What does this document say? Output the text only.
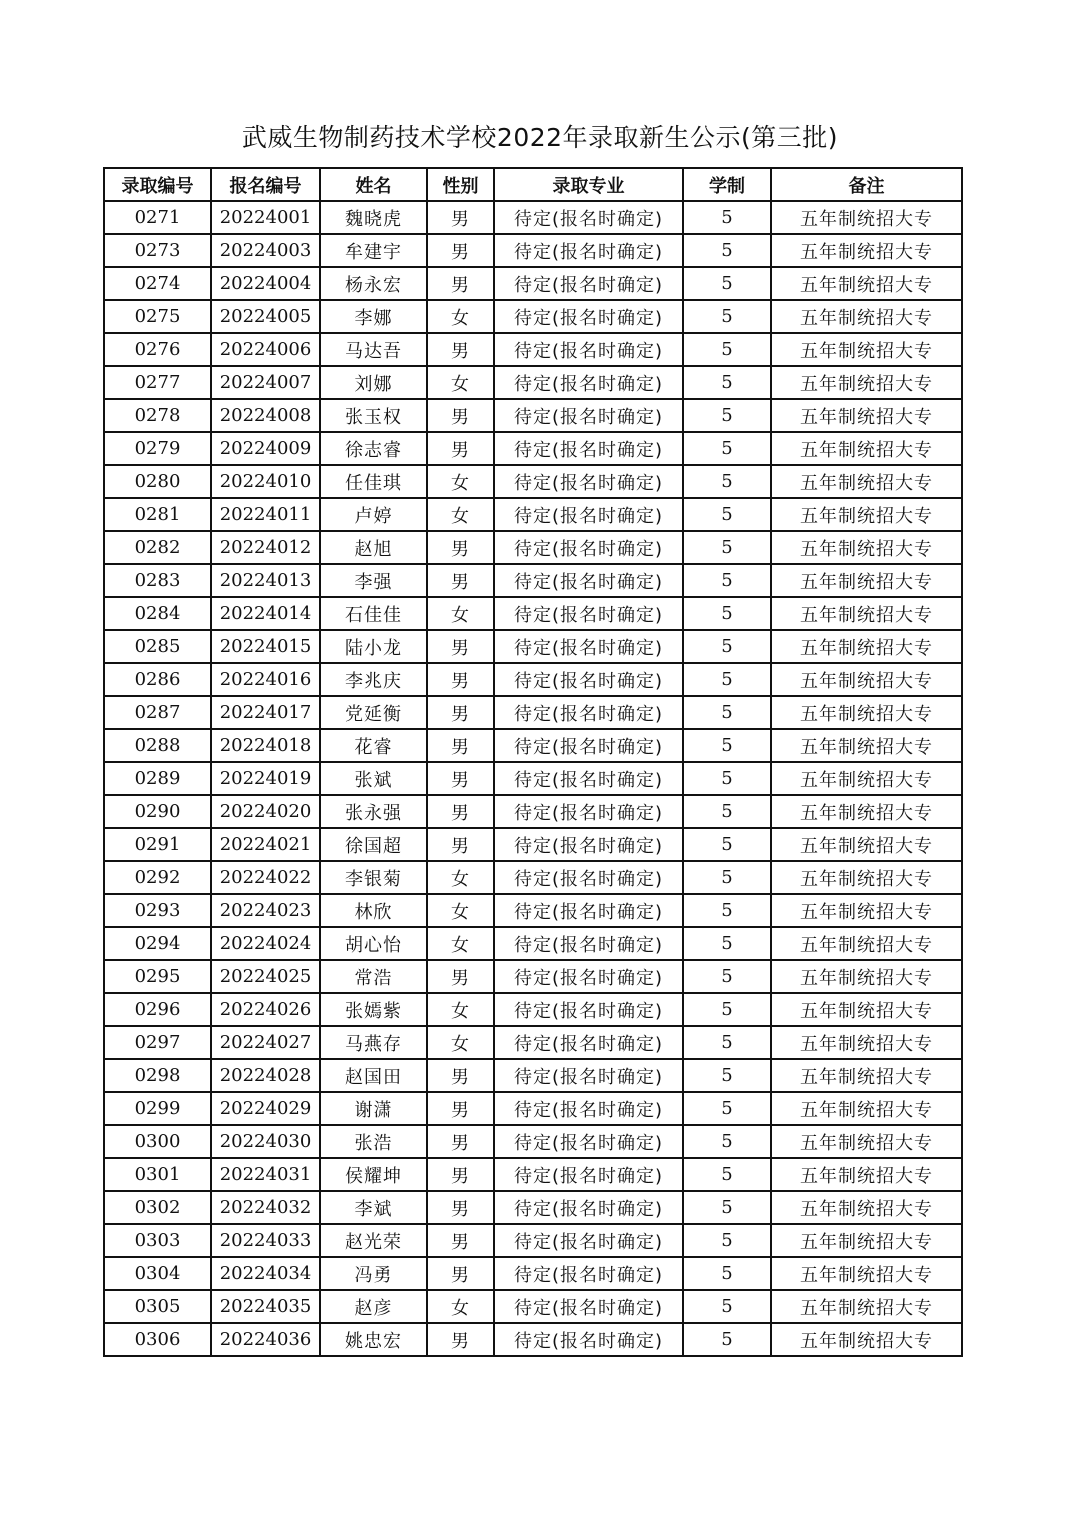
武威生物制药技术学校2022年录取新生公示(第三批)
录取编号	报名编号	姓名	性别	录取专业	学制	备注
0271	20224001	魏晓虎	男	待定(报名时确定)	5	五年制统招大专
0273	20224003	牟建宇	男	待定(报名时确定)	5	五年制统招大专
0274	20224004	杨永宏	男	待定(报名时确定)	5	五年制统招大专
0275	20224005	李娜	女	待定(报名时确定)	5	五年制统招大专
0276	20224006	马达吾	男	待定(报名时确定)	5	五年制统招大专
0277	20224007	刘娜	女	待定(报名时确定)	5	五年制统招大专
0278	20224008	张玉权	男	待定(报名时确定)	5	五年制统招大专
0279	20224009	徐志睿	男	待定(报名时确定)	5	五年制统招大专
0280	20224010	任佳琪	女	待定(报名时确定)	5	五年制统招大专
0281	20224011	卢婷	女	待定(报名时确定)	5	五年制统招大专
0282	20224012	赵旭	男	待定(报名时确定)	5	五年制统招大专
0283	20224013	李强	男	待定(报名时确定)	5	五年制统招大专
0284	20224014	石佳佳	女	待定(报名时确定)	5	五年制统招大专
0285	20224015	陆小龙	男	待定(报名时确定)	5	五年制统招大专
0286	20224016	李兆庆	男	待定(报名时确定)	5	五年制统招大专
0287	20224017	党延衡	男	待定(报名时确定)	5	五年制统招大专
0288	20224018	花睿	男	待定(报名时确定)	5	五年制统招大专
0289	20224019	张斌	男	待定(报名时确定)	5	五年制统招大专
0290	20224020	张永强	男	待定(报名时确定)	5	五年制统招大专
0291	20224021	徐国超	男	待定(报名时确定)	5	五年制统招大专
0292	20224022	李银菊	女	待定(报名时确定)	5	五年制统招大专
0293	20224023	林欣	女	待定(报名时确定)	5	五年制统招大专
0294	20224024	胡心怡	女	待定(报名时确定)	5	五年制统招大专
0295	20224025	常浩	男	待定(报名时确定)	5	五年制统招大专
0296	20224026	张嫣紫	女	待定(报名时确定)	5	五年制统招大专
0297	20224027	马燕存	女	待定(报名时确定)	5	五年制统招大专
0298	20224028	赵国田	男	待定(报名时确定)	5	五年制统招大专
0299	20224029	谢潇	男	待定(报名时确定)	5	五年制统招大专
0300	20224030	张浩	男	待定(报名时确定)	5	五年制统招大专
0301	20224031	侯耀坤	男	待定(报名时确定)	5	五年制统招大专
0302	20224032	李斌	男	待定(报名时确定)	5	五年制统招大专
0303	20224033	赵光荣	男	待定(报名时确定)	5	五年制统招大专
0304	20224034	冯勇	男	待定(报名时确定)	5	五年制统招大专
0305	20224035	赵彦	女	待定(报名时确定)	5	五年制统招大专
0306	20224036	姚忠宏	男	待定(报名时确定)	5	五年制统招大专
